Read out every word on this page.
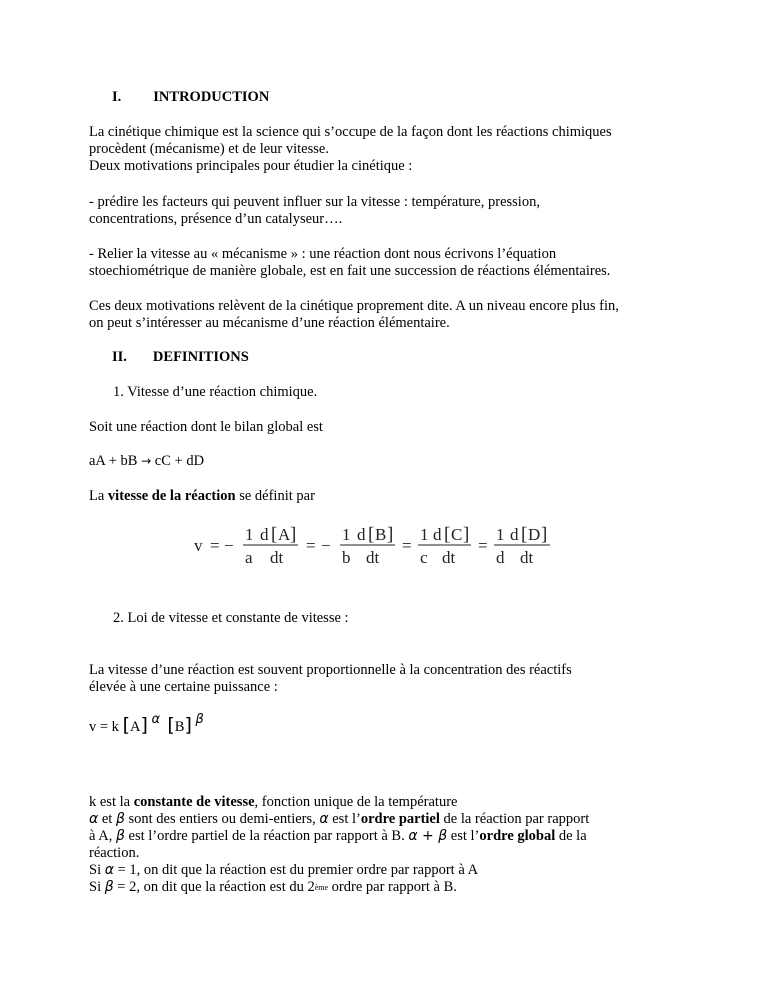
I. INTRODUCTION

La cinétique chimique est la science qui s’occupe de la façon dont les réactions chimiques

procèdent (mécanisme) et de leur vitesse.

Deux motivations principales pour étudier la cinétique :

- prédire les facteurs qui peuvent influer sur la vitesse : température, pression,

concentrations, présence d’un catalyseur….

- Relier la vitesse au « mécanisme » : une réaction dont nous écrivons l’équation

stoechiométrique de manière globale, est en fait une succession de réactions élémentaires.

Ces deux motivations relèvent de la cinétique proprement dite. A un niveau encore plus fin,

on peut s’intéresser au mécanisme d’une réaction élémentaire.

II. DEFINITIONS

1. Vitesse d’une réaction chimique.

Soit une réaction dont le bilan global est

aA + bB → cC + dD

La vitesse de la réaction se définit par

v = −
1 d [ A ]
a dt
= −
1 d [ B ]
b dt
=
1 d [ C ]
c dt
=
1 d [ D ]
d dt

2. Loi de vitesse et constante de vitesse :

La vitesse d’une réaction est souvent proportionnelle à la concentration des réactifs

élevée à une certaine puissance :

v = k [A] α [B] β

k est la constante de vitesse, fonction unique de la température

α et β sont des entiers ou demi-entiers, α est l’ordre partiel de la réaction par rapport

à A, β est l’ordre partiel de la réaction par rapport à B. α + β est l’ordre global de la

réaction.

Si α = 1, on dit que la réaction est du premier ordre par rapport à A

Si β = 2, on dit que la réaction est du 2ème ordre par rapport à B.
